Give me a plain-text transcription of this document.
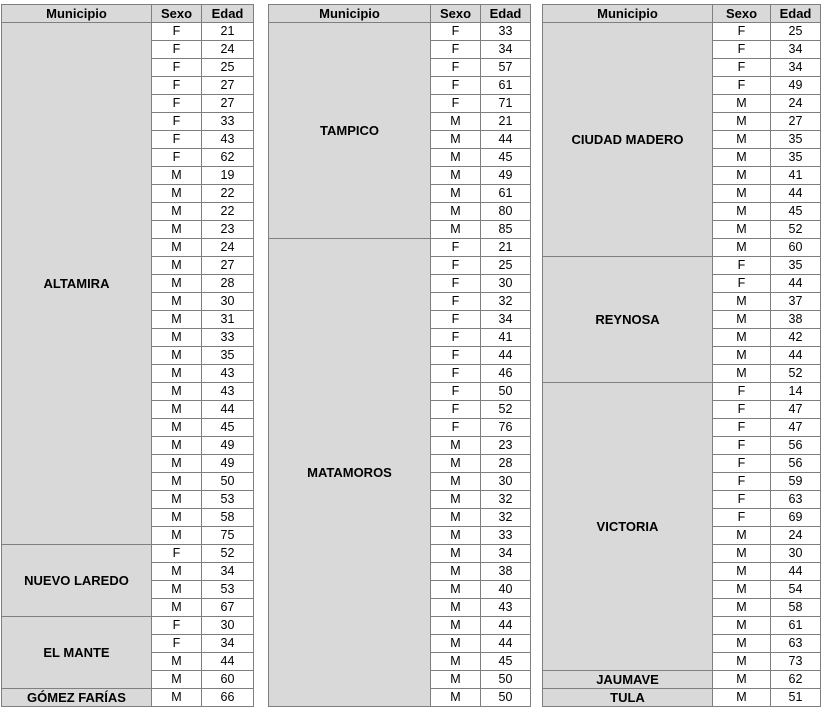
Municipio	Sexo	Edad
ALTAMIRA	F	21
	F	24
	F	25
	F	27
	F	27
	F	33
	F	43
	F	62
	M	19
	M	22
	M	22
	M	23
	M	24
	M	27
	M	28
	M	30
	M	31
	M	33
	M	35
	M	43
	M	43
	M	44
	M	45
	M	49
	M	49
	M	50
	M	53
	M	58
	M	75
NUEVO LAREDO	F	52
	M	34
	M	53
	M	67
EL MANTE	F	30
	F	34
	M	44
	M	60
GÓMEZ FARÍAS	M	66
Municipio	Sexo	Edad
TAMPICO	F	33
	F	34
	F	57
	F	61
	F	71
	M	21
	M	44
	M	45
	M	49
	M	61
	M	80
	M	85
MATAMOROS	F	21
	F	25
	F	30
	F	32
	F	34
	F	41
	F	44
	F	46
	F	50
	F	52
	F	76
	M	23
	M	28
	M	30
	M	32
	M	32
	M	33
	M	34
	M	38
	M	40
	M	43
	M	44
	M	44
	M	45
	M	50
	M	50
Municipio	Sexo	Edad
CIUDAD MADERO	F	25
	F	34
	F	34
	F	49
	M	24
	M	27
	M	35
	M	35
	M	41
	M	44
	M	45
	M	52
	M	60
REYNOSA	F	35
	F	44
	M	37
	M	38
	M	42
	M	44
	M	52
VICTORIA	F	14
	F	47
	F	47
	F	56
	F	56
	F	59
	F	63
	F	69
	M	24
	M	30
	M	44
	M	54
	M	58
	M	61
	M	63
	M	73
JAUMAVE	M	62
TULA	M	51
